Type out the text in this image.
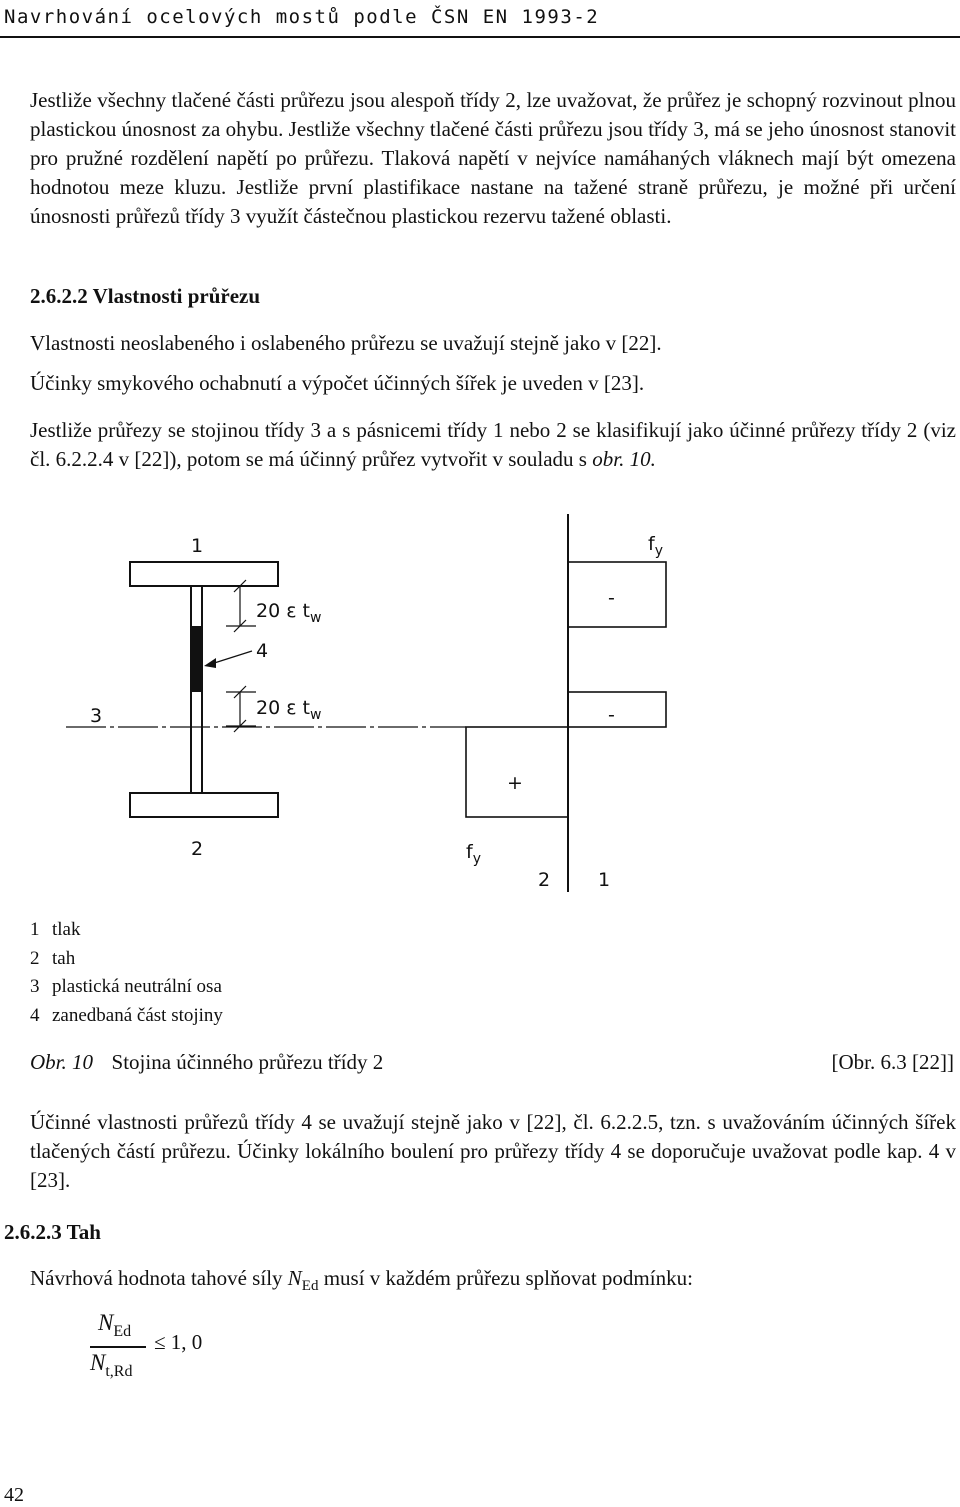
Navrhování ocelových mostů podle ČSN EN 1993-2

Jestliže všechny tlačené části průřezu jsou alespoň třídy 2, lze uvažovat, že průřez je schopný rozvinout plnou plastickou únosnost za ohybu. Jestliže všechny tlačené části průřezu jsou třídy 3, má se jeho únosnost stanovit pro pružné rozdělení napětí po průřezu. Tlaková napětí v nejvíce namáhaných vláknech mají být omezena hodnotou meze kluzu. Jestliže první plastifikace nastane na tažené straně průřezu, je možné při určení únosnosti průřezů třídy 3 využít částečnou plastickou rezervu tažené oblasti.

2.6.2.2 Vlastnosti průřezu

Vlastnosti neoslabeného i oslabeného průřezu se uvažují stejně jako v [22].

Účinky smykového ochabnutí a výpočet účinných šířek je uveden v [23].

Jestliže průřezy se stojinou třídy 3 a s pásnicemi třídy 1 nebo 2 se klasifikují jako účinné průřezy třídy 2 (viz čl. 6.2.2.4 v [22]), potom se má účinný průřez vytvořit v souladu s obr. 10.

20 ε $t_w$
20 ε $t_w$
4
1
2
3
-
-
+
$f_y$
$f_y$
2	1
1 tlak
2 tah
3 plastická neutrální osa
4 zanedbaná část stojiny
Obr. 10 Stojina účinného průřezu třídy 2	[Obr. 6.3 [22]]

Účinné vlastnosti průřezů třídy 4 se uvažují stejně jako v [22], čl. 6.2.2.5, tzn. s uvažováním účinných šířek tlačených částí průřezu. Účinky lokálního boulení pro průřezy třídy 4 se doporučuje uvažovat podle kap. 4 v [23].

2.6.2.3 Tah

Návrhová hodnota tahové síly $N_{Ed}$ musí v každém průřezu splňovat podmínku:

$N_{Ed}$
$N_{t,Rd}$
≤ 1, 0
42
